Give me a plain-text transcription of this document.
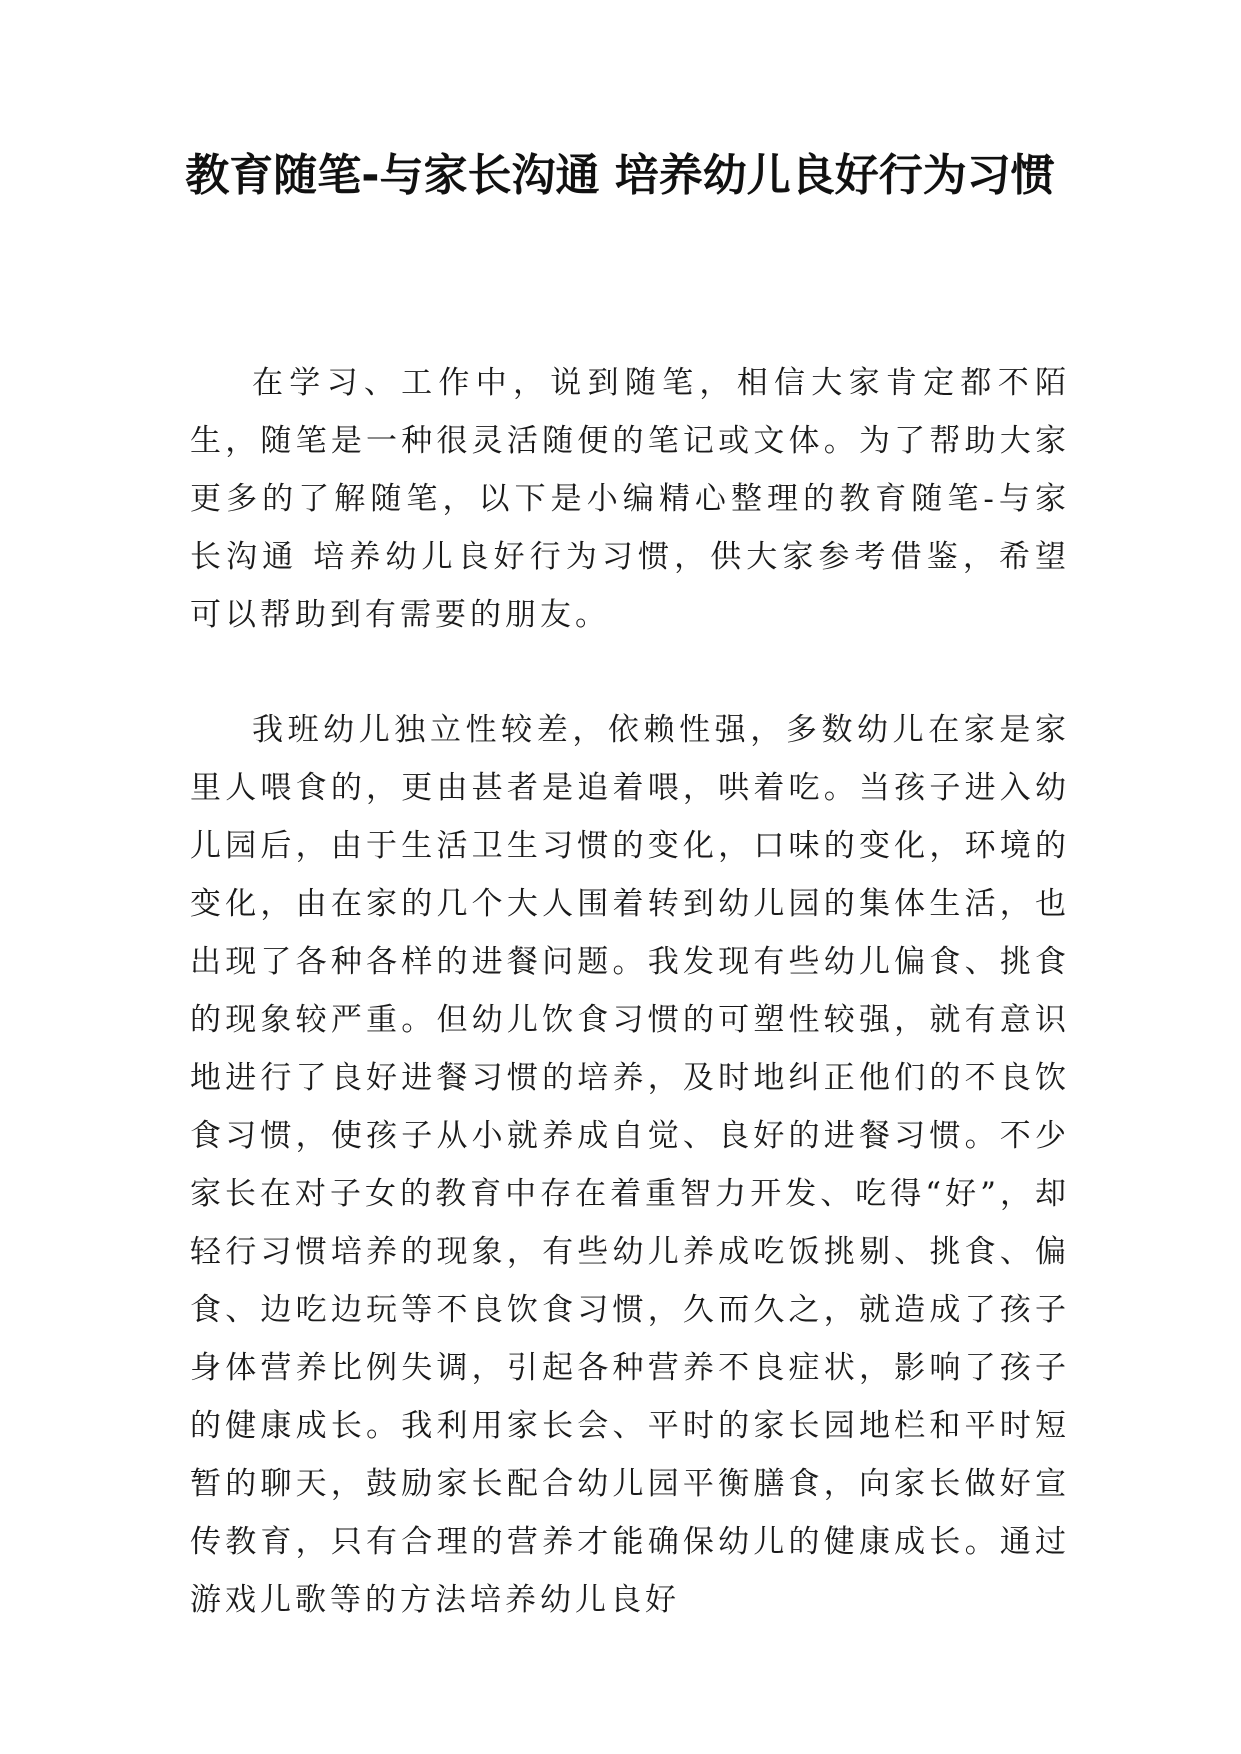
教育随笔-与家长沟通 培养幼儿良好行为习惯

在学习、工作中，说到随笔，相信大家肯定都不陌生，随笔是一种很灵活随便的笔记或文体。为了帮助大家更多的了解随笔，以下是小编精心整理的教育随笔-与家长沟通 培养幼儿良好行为习惯，供大家参考借鉴，希望可以帮助到有需要的朋友。

我班幼儿独立性较差，依赖性强，多数幼儿在家是家里人喂食的，更由甚者是追着喂，哄着吃。当孩子进入幼儿园后，由于生活卫生习惯的变化，口味的变化，环境的变化，由在家的几个大人围着转到幼儿园的集体生活，也出现了各种各样的进餐问题。我发现有些幼儿偏食、挑食的现象较严重。但幼儿饮食习惯的可塑性较强，就有意识地进行了良好进餐习惯的培养，及时地纠正他们的不良饮食习惯，使孩子从小就养成自觉、良好的进餐习惯。不少家长在对子女的教育中存在着重智力开发、吃得“好”，却轻行习惯培养的现象，有些幼儿养成吃饭挑剔、挑食、偏食、边吃边玩等不良饮食习惯，久而久之，就造成了孩子身体营养比例失调，引起各种营养不良症状，影响了孩子的健康成长。我利用家长会、平时的家长园地栏和平时短暂的聊天，鼓励家长配合幼儿园平衡膳食，向家长做好宣传教育，只有合理的营养才能确保幼儿的健康成长。通过游戏儿歌等的方法培养幼儿良好
